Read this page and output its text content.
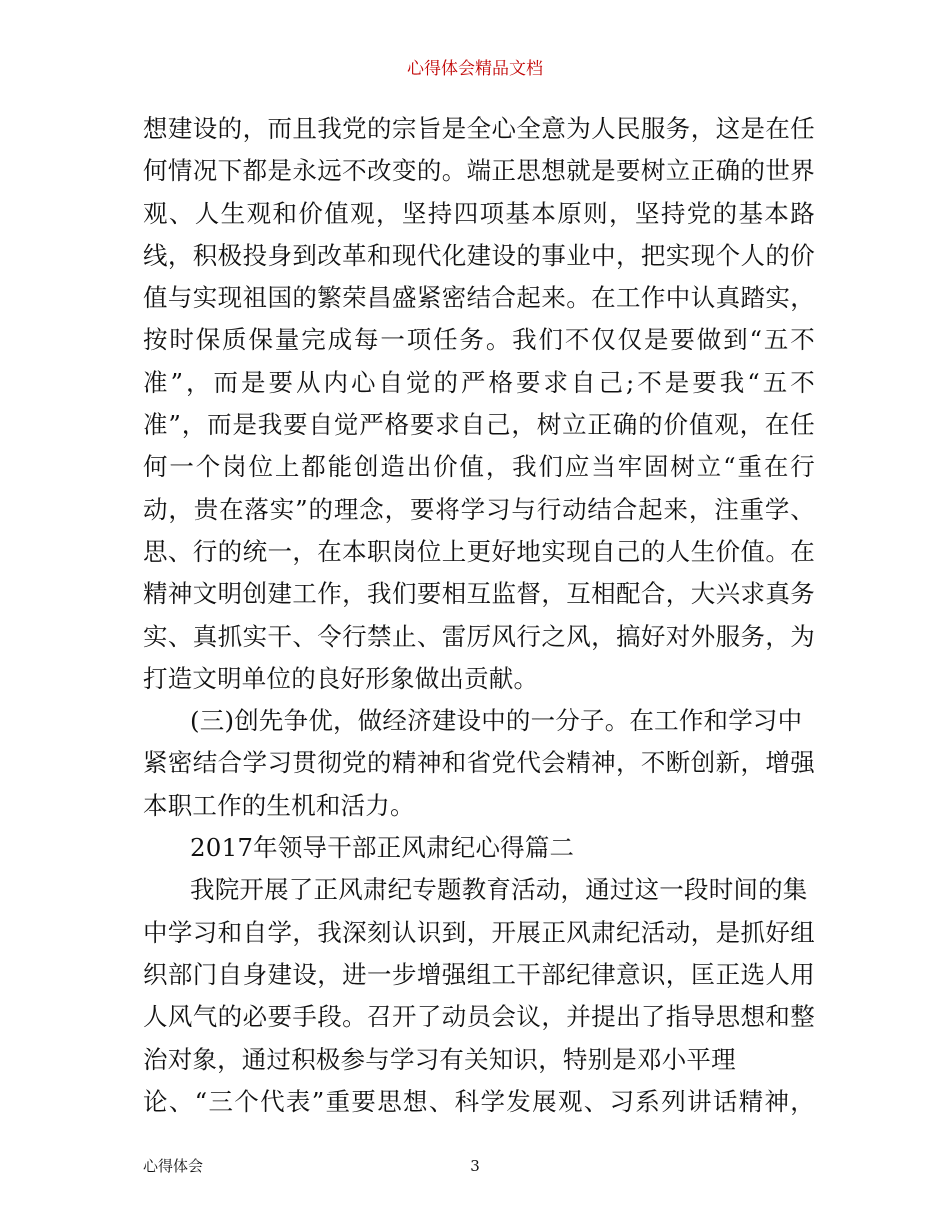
心得体会精品文档
想建设的，而且我党的宗旨是全心全意为人民服务，这是在任
何情况下都是永远不改变的。端正思想就是要树立正确的世界
观、人生观和价值观，坚持四项基本原则，坚持党的基本路
线，积极投身到改革和现代化建设的事业中，把实现个人的价
值与实现祖国的繁荣昌盛紧密结合起来。在工作中认真踏实，
按时保质保量完成每一项任务。我们不仅仅是要做到“五不
准”，而是要从内心自觉的严格要求自己;不是要我“五不
准”，而是我要自觉严格要求自己，树立正确的价值观，在任
何一个岗位上都能创造出价值，我们应当牢固树立“重在行
动，贵在落实”的理念，要将学习与行动结合起来，注重学、
思、行的统一，在本职岗位上更好地实现自己的人生价值。在
精神文明创建工作，我们要相互监督，互相配合，大兴求真务
实、真抓实干、令行禁止、雷厉风行之风，搞好对外服务，为
打造文明单位的良好形象做出贡献。
(三)创先争优，做经济建设中的一分子。在工作和学习中
紧密结合学习贯彻党的精神和省党代会精神，不断创新，增强
本职工作的生机和活力。
2017年领导干部正风肃纪心得篇二
我院开展了正风肃纪专题教育活动，通过这一段时间的集
中学习和自学，我深刻认识到，开展正风肃纪活动，是抓好组
织部门自身建设，进一步增强组工干部纪律意识，匡正选人用
人风气的必要手段。召开了动员会议，并提出了指导思想和整
治对象，通过积极参与学习有关知识，特别是邓小平理
论、“三个代表”重要思想、科学发展观、习系列讲话精神，
心得体会	3
